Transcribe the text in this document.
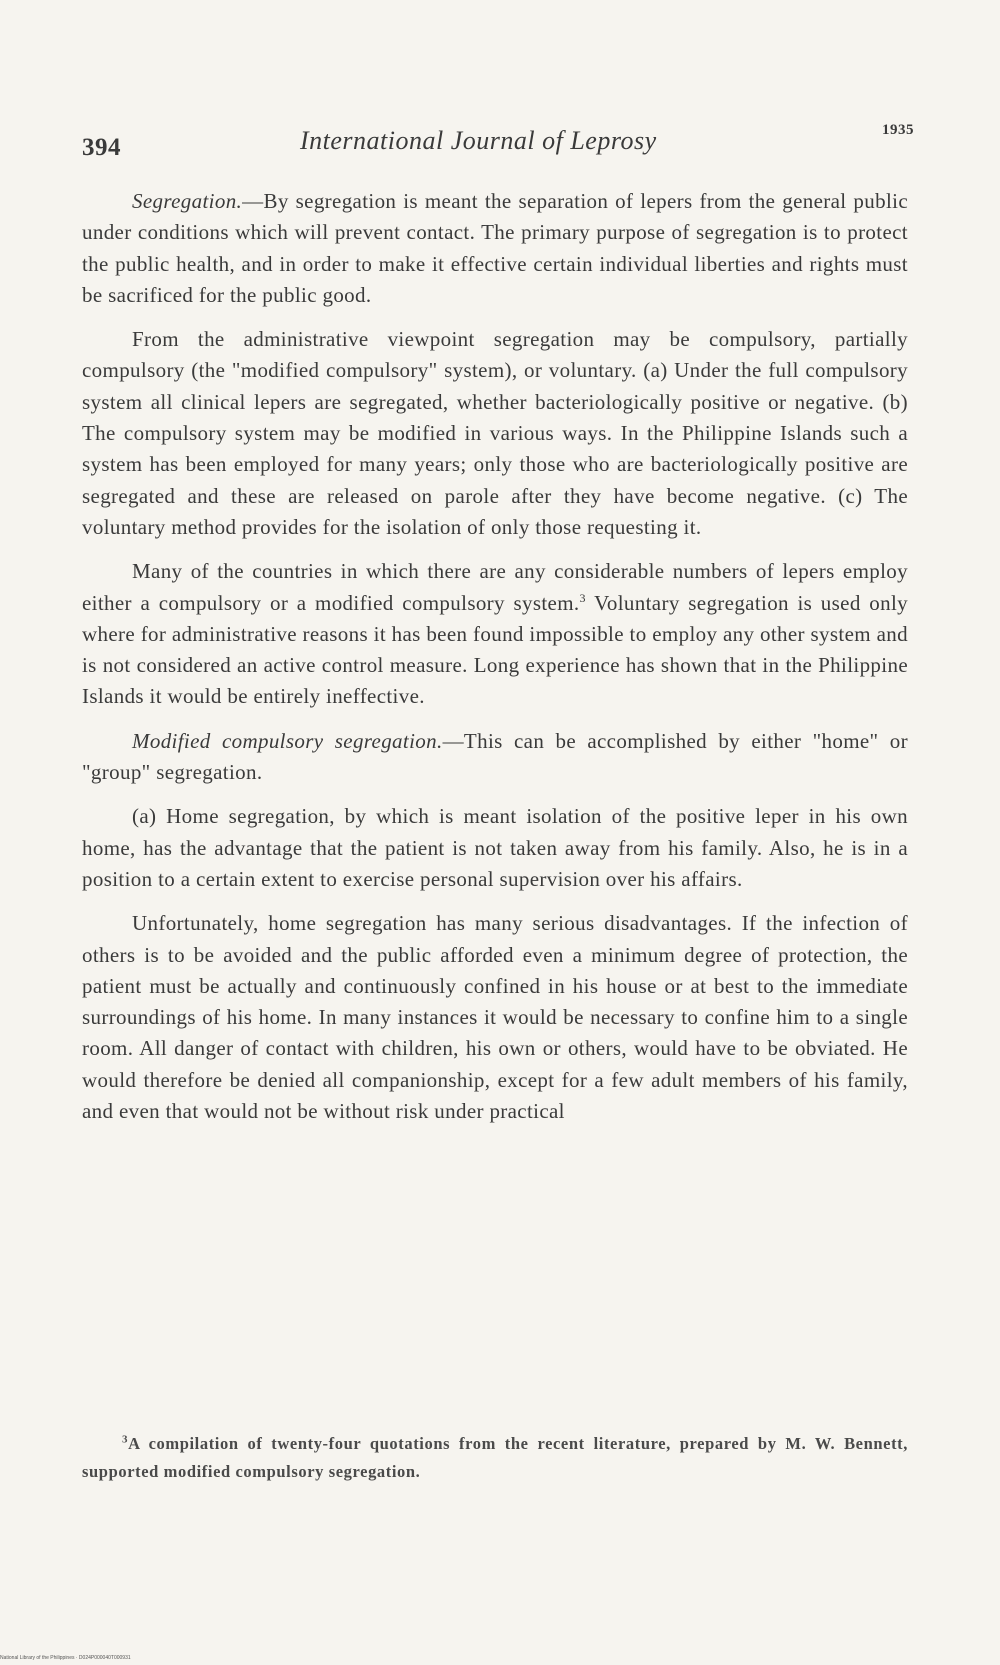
394	International Journal of Leprosy	1935

Segregation.—By segregation is meant the separation of lepers from the general public under conditions which will prevent contact. The primary purpose of segregation is to protect the public health, and in order to make it effective certain individual liberties and rights must be sacrificed for the public good.

From the administrative viewpoint segregation may be compulsory, partially compulsory (the "modified compulsory" system), or voluntary. (a) Under the full compulsory system all clinical lepers are segregated, whether bacteriologically positive or negative. (b) The compulsory system may be modified in various ways. In the Philippine Islands such a system has been employed for many years; only those who are bacteriologically positive are segregated and these are released on parole after they have become negative. (c) The voluntary method provides for the isolation of only those requesting it.

Many of the countries in which there are any considerable numbers of lepers employ either a compulsory or a modified compulsory system.$^3$ Voluntary segregation is used only where for administrative reasons it has been found impossible to employ any other system and is not considered an active control measure. Long experience has shown that in the Philippine Islands it would be entirely ineffective.

Modified compulsory segregation.—This can be accomplished by either "home" or "group" segregation.

(a) Home segregation, by which is meant isolation of the positive leper in his own home, has the advantage that the patient is not taken away from his family. Also, he is in a position to a certain extent to exercise personal supervision over his affairs.

Unfortunately, home segregation has many serious disadvantages. If the infection of others is to be avoided and the public afforded even a minimum degree of protection, the patient must be actually and continuously confined in his house or at best to the immediate surroundings of his home. In many instances it would be necessary to confine him to a single room. All danger of contact with children, his own or others, would have to be obviated. He would therefore be denied all companionship, except for a few adult members of his family, and even that would not be without risk under practical

$^3$A compilation of twenty-four quotations from the recent literature, prepared by M. W. Bennett, supported modified compulsory segregation.
National Library of the Philippines · D024P000040T000931
